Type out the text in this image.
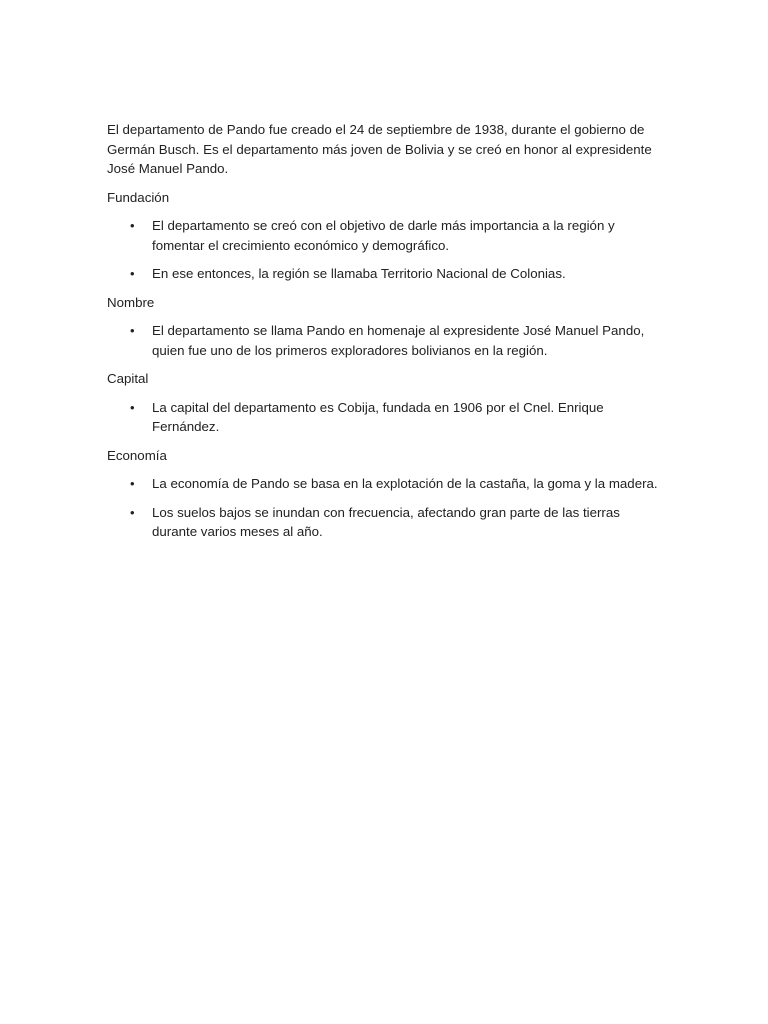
El departamento de Pando fue creado el 24 de septiembre de 1938, durante el gobierno de Germán Busch. Es el departamento más joven de Bolivia y se creó en honor al expresidente José Manuel Pando.

Fundación

• El departamento se creó con el objetivo de darle más importancia a la región y fomentar el crecimiento económico y demográfico.
• En ese entonces, la región se llamaba Territorio Nacional de Colonias.

Nombre

• El departamento se llama Pando en homenaje al expresidente José Manuel Pando, quien fue uno de los primeros exploradores bolivianos en la región.

Capital

• La capital del departamento es Cobija, fundada en 1906 por el Cnel. Enrique Fernández.

Economía

• La economía de Pando se basa en la explotación de la castaña, la goma y la madera.
• Los suelos bajos se inundan con frecuencia, afectando gran parte de las tierras durante varios meses al año.
